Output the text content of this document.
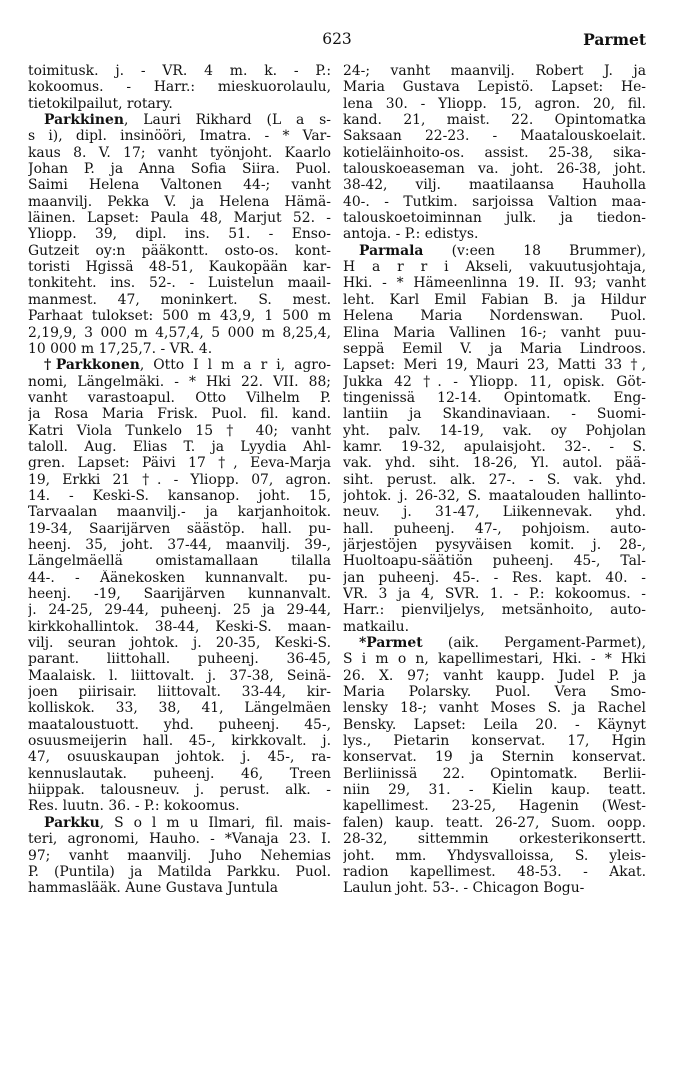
623	Parmet
toimitusk. j. - VR. 4 m. k. - P.:
kokoomus. - Harr.: mieskuorolaulu,
tietokilpailut, rotary.
Parkkinen, Lauri Rikhard (L a s-
s i), dipl. insinööri, Imatra. - * Var-
kaus 8. V. 17; vanht työnjoht. Kaarlo
Johan P. ja Anna Sofia Siira. Puol.
Saimi Helena Valtonen 44-; vanht
maanvilj. Pekka V. ja Helena Hämä-
läinen. Lapset: Paula 48, Marjut 52. -
Yliopp. 39, dipl. ins. 51. - Enso-
Gutzeit oy:n pääkontt. osto-os. kont-
toristi Hgissä 48-51, Kaukopään kar-
tonkiteht. ins. 52-. - Luistelun maail-
manmest. 47, moninkert. S. mest.
Parhaat tulokset: 500 m 43,9, 1 500 m
2,19,9, 3 000 m 4,57,4, 5 000 m 8,25,4,
10 000 m 17,25,7. - VR. 4.
†Parkkonen, Otto I l m a r i, agro-
nomi, Längelmäki. - * Hki 22. VII. 88;
vanht varastoapul. Otto Vilhelm P.
ja Rosa Maria Frisk. Puol. fil. kand.
Katri Viola Tunkelo 15 † 40; vanht
taloll. Aug. Elias T. ja Lyydia Ahl-
gren. Lapset: Päivi 17 †, Eeva-Marja
19, Erkki 21 †. - Yliopp. 07, agron.
14. - Keski-S. kansanop. joht. 15,
Tarvaalan maanvilj.- ja karjanhoitok.
19-34, Saarijärven säästöp. hall. pu-
heenj. 35, joht. 37-44, maanvilj. 39-,
Längelmäellä omistamallaan tilalla
44-. - Äänekosken kunnanvalt. pu-
heenj. -19, Saarijärven kunnanvalt.
j. 24-25, 29-44, puheenj. 25 ja 29-44,
kirkkohallintok. 38-44, Keski-S. maan-
vilj. seuran johtok. j. 20-35, Keski-S.
parant. liittohall. puheenj. 36-45,
Maalaisk. l. liittovalt. j. 37-38, Seinä-
joen piirisair. liittovalt. 33-44, kir-
kolliskok. 33, 38, 41, Längelmäen
maataloustuott. yhd. puheenj. 45-,
osuusmeijerin hall. 45-, kirkkovalt. j.
47, osuuskaupan johtok. j. 45-, ra-
kennuslautak. puheenj. 46, Treen
hiippak. talousneuv. j. perust. alk. -
Res. luutn. 36. - P.: kokoomus.
Parkku, S o l m u Ilmari, fil. mais-
teri, agronomi, Hauho. - *Vanaja 23. I.
97; vanht maanvilj. Juho Nehemias
P. (Puntila) ja Matilda Parkku. Puol.
hammaslääk. Aune Gustava Juntula
24-; vanht maanvilj. Robert J. ja
Maria Gustava Lepistö. Lapset: He-
lena 30. - Yliopp. 15, agron. 20, fil.
kand. 21, maist. 22. Opintomatka
Saksaan 22-23. - Maatalouskoelait.
kotieläinhoito-os. assist. 25-38, sika-
talouskoeaseman va. joht. 26-38, joht.
38-42, vilj. maatilaansa Hauholla
40-. - Tutkim. sarjoissa Valtion maa-
talouskoetoiminnan julk. ja tiedon-
antoja. - P.: edistys.
Parmala (v:een 18 Brummer),
H a r r i Akseli, vakuutusjohtaja,
Hki. - * Hämeenlinna 19. II. 93; vanht
leht. Karl Emil Fabian B. ja Hildur
Helena Maria Nordenswan. Puol.
Elina Maria Vallinen 16-; vanht puu-
seppä Eemil V. ja Maria Lindroos.
Lapset: Meri 19, Mauri 23, Matti 33 †,
Jukka 42 †. - Yliopp. 11, opisk. Göt-
tingenissä 12-14. Opintomatk. Eng-
lantiin ja Skandinaviaan. - Suomi-
yht. palv. 14-19, vak. oy Pohjolan
kamr. 19-32, apulaisjoht. 32-. - S.
vak. yhd. siht. 18-26, Yl. autol. pää-
siht. perust. alk. 27-. - S. vak. yhd.
johtok. j. 26-32, S. maatalouden hallinto-
neuv. j. 31-47, Liikennevak. yhd.
hall. puheenj. 47-, pohjoism. auto-
järjestöjen pysyväisen komit. j. 28-,
Huoltoapu-säätiön puheenj. 45-, Tal-
jan puheenj. 45-. - Res. kapt. 40. -
VR. 3 ja 4, SVR. 1. - P.: kokoomus. -
Harr.: pienviljelys, metsänhoito, auto-
matkailu.
*Parmet (aik. Pergament-Parmet),
S i m o n, kapellimestari, Hki. - * Hki
26. X. 97; vanht kaupp. Judel P. ja
Maria Polarsky. Puol. Vera Smo-
lensky 18-; vanht Moses S. ja Rachel
Bensky. Lapset: Leila 20. - Käynyt
lys., Pietarin konservat. 17, Hgin
konservat. 19 ja Sternin konservat.
Berliinissä 22. Opintomatk. Berlii-
niin 29, 31. - Kielin kaup. teatt.
kapellimest. 23-25, Hagenin (West-
falen) kaup. teatt. 26-27, Suom. oopp.
28-32, sittemmin orkesterikonsertt.
joht. mm. Yhdysvalloissa, S. yleis-
radion kapellimest. 48-53. - Akat.
Laulun joht. 53-. - Chicagon Bogu-
